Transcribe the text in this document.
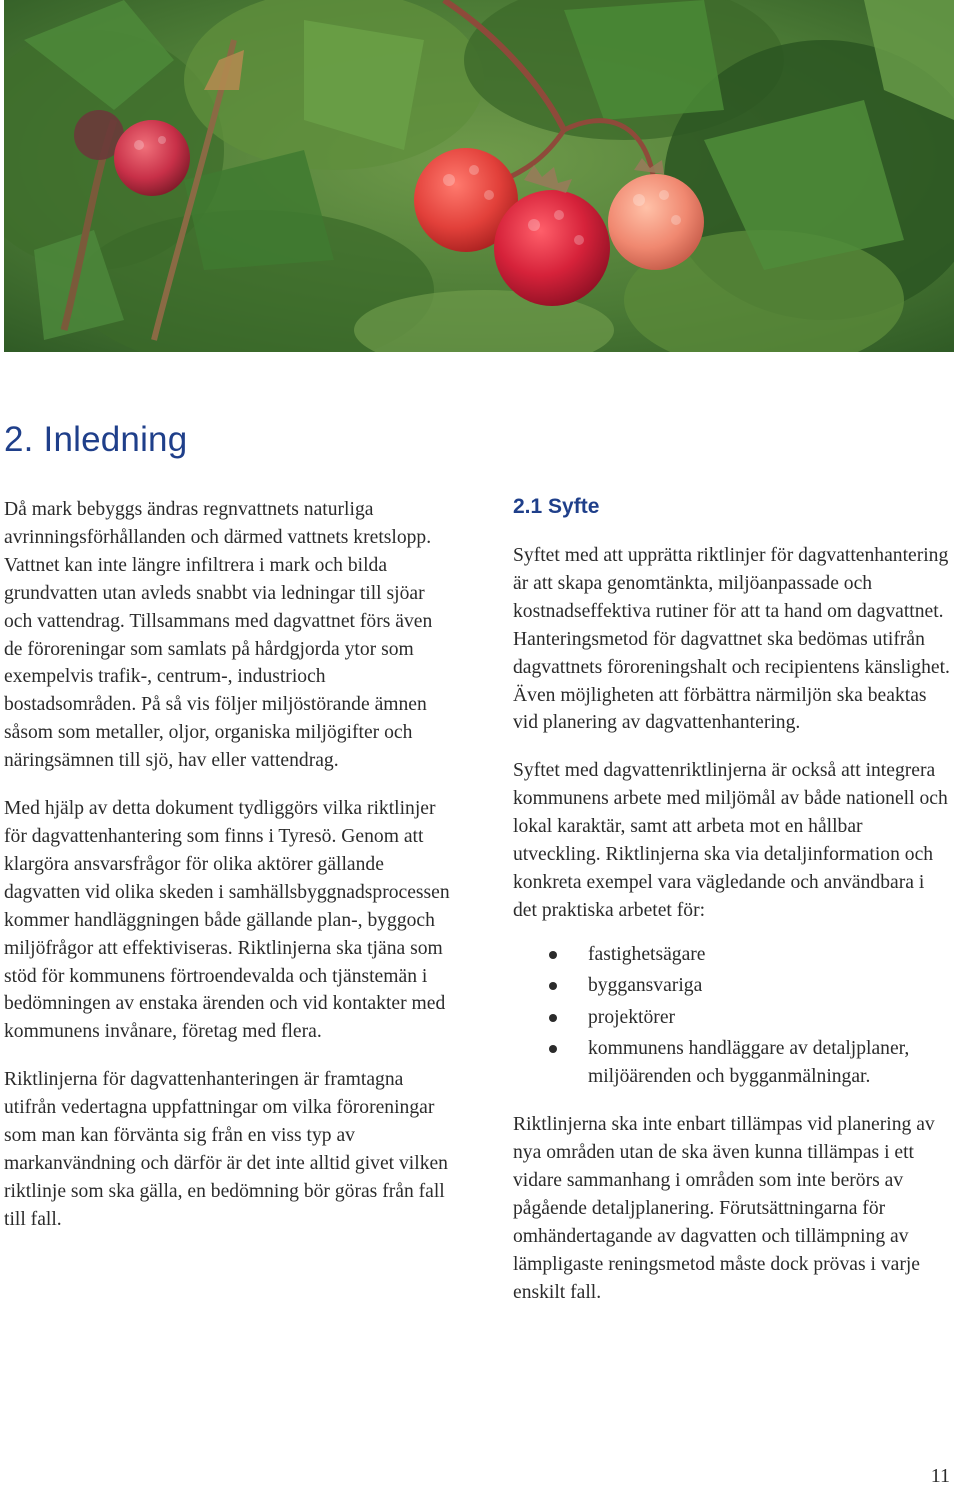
2. Inledning

Då mark bebyggs ändras regnvattnets naturliga avrinningsförhållanden och därmed vattnets kretslopp. Vattnet kan inte längre infiltrera i mark och bilda grundvatten utan avleds snabbt via ledningar till sjöar och vattendrag. Tillsammans med dagvattnet förs även de föroreningar som samlats på hårdgjorda ytor som exempelvis trafik-, centrum-, industrioch bostadsområden. På så vis följer miljöstörande ämnen såsom som metaller, oljor, organiska miljögifter och näringsämnen till sjö, hav eller vattendrag.

Med hjälp av detta dokument tydliggörs vilka riktlinjer för dagvattenhantering som finns i Tyresö. Genom att klargöra ansvarsfrågor för olika aktörer gällande dagvatten vid olika skeden i samhällsbyggnadsprocessen kommer handläggningen både gällande plan-, byggoch miljöfrågor att effektiviseras. Riktlinjerna ska tjäna som stöd för kommunens förtroendevalda och tjänstemän i bedömningen av enstaka ärenden och vid kontakter med kommunens invånare, företag med flera.

Riktlinjerna för dagvattenhanteringen är framtagna utifrån vedertagna uppfattningar om vilka föroreningar som man kan förvänta sig från en viss typ av markanvändning och därför är det inte alltid givet vilken riktlinje som ska gälla, en bedömning bör göras från fall till fall.

2.1 Syfte

Syftet med att upprätta riktlinjer för dagvattenhantering är att skapa genomtänkta, miljöanpassade och kostnadseffektiva rutiner för att ta hand om dagvattnet. Hanteringsmetod för dagvattnet ska bedömas utifrån dagvattnets föroreningshalt och recipientens känslighet. Även möjligheten att förbättra närmiljön ska beaktas vid planering av dagvattenhantering.

Syftet med dagvattenriktlinjerna är också att integrera kommunens arbete med miljömål av både nationell och lokal karaktär, samt att arbeta mot en hållbar utveckling. Riktlinjerna ska via detaljinformation och konkreta exempel vara vägledande och användbara i det praktiska arbetet för:

fastighetsägare
byggansvariga
projektörer
kommunens handläggare av detaljplaner, miljöärenden och bygganmälningar.

Riktlinjerna ska inte enbart tillämpas vid planering av nya områden utan de ska även kunna tillämpas i ett vidare sammanhang i områden som inte berörs av pågående detaljplanering. Förutsättningarna för omhändertagande av dagvatten och tillämpning av lämpligaste reningsmetod måste dock prövas i varje enskilt fall.

11
